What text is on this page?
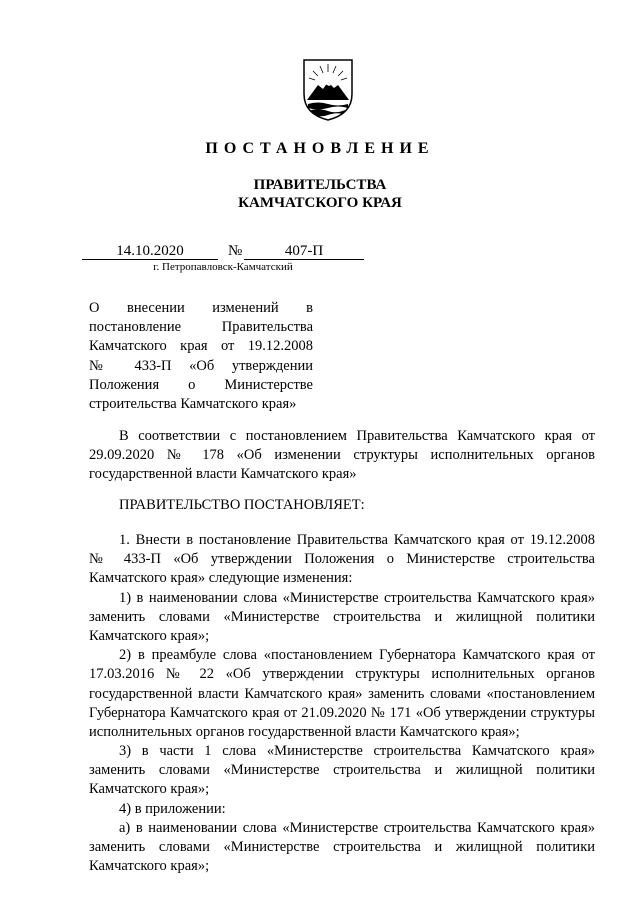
ПОСТАНОВЛЕНИЕ
ПРАВИТЕЛЬСТВА
КАМЧАТСКОГО КРАЯ
14.10.2020	№	407-П
г. Петропавловск-Камчатский
О внесении изменений в
постановление Правительства
Камчатского края от 19.12.2008
№ 433-П «Об утверждении
Положения о Министерстве
строительства Камчатского края»
В соответствии с постановлением Правительства Камчатского края от
29.09.2020 № 178 «Об изменении структуры исполнительных органов
государственной власти Камчатского края»
ПРАВИТЕЛЬСТВО ПОСТАНОВЛЯЕТ:
1. Внести в постановление Правительства Камчатского края от 19.12.2008
№ 433-П «Об утверждении Положения о Министерстве строительства
Камчатского края» следующие изменения:
1) в наименовании слова «Министерстве строительства Камчатского края»
заменить словами «Министерстве строительства и жилищной политики
Камчатского края»;
2) в преамбуле слова «постановлением Губернатора Камчатского края от
17.03.2016 № 22 «Об утверждении структуры исполнительных органов
государственной власти Камчатского края» заменить словами «постановлением
Губернатора Камчатского края от 21.09.2020 № 171 «Об утверждении структуры
исполнительных органов государственной власти Камчатского края»;
3) в части 1 слова «Министерстве строительства Камчатского края»
заменить словами «Министерстве строительства и жилищной политики
Камчатского края»;
4) в приложении:
а) в наименовании слова «Министерстве строительства Камчатского края»
заменить словами «Министерстве строительства и жилищной политики
Камчатского края»;
